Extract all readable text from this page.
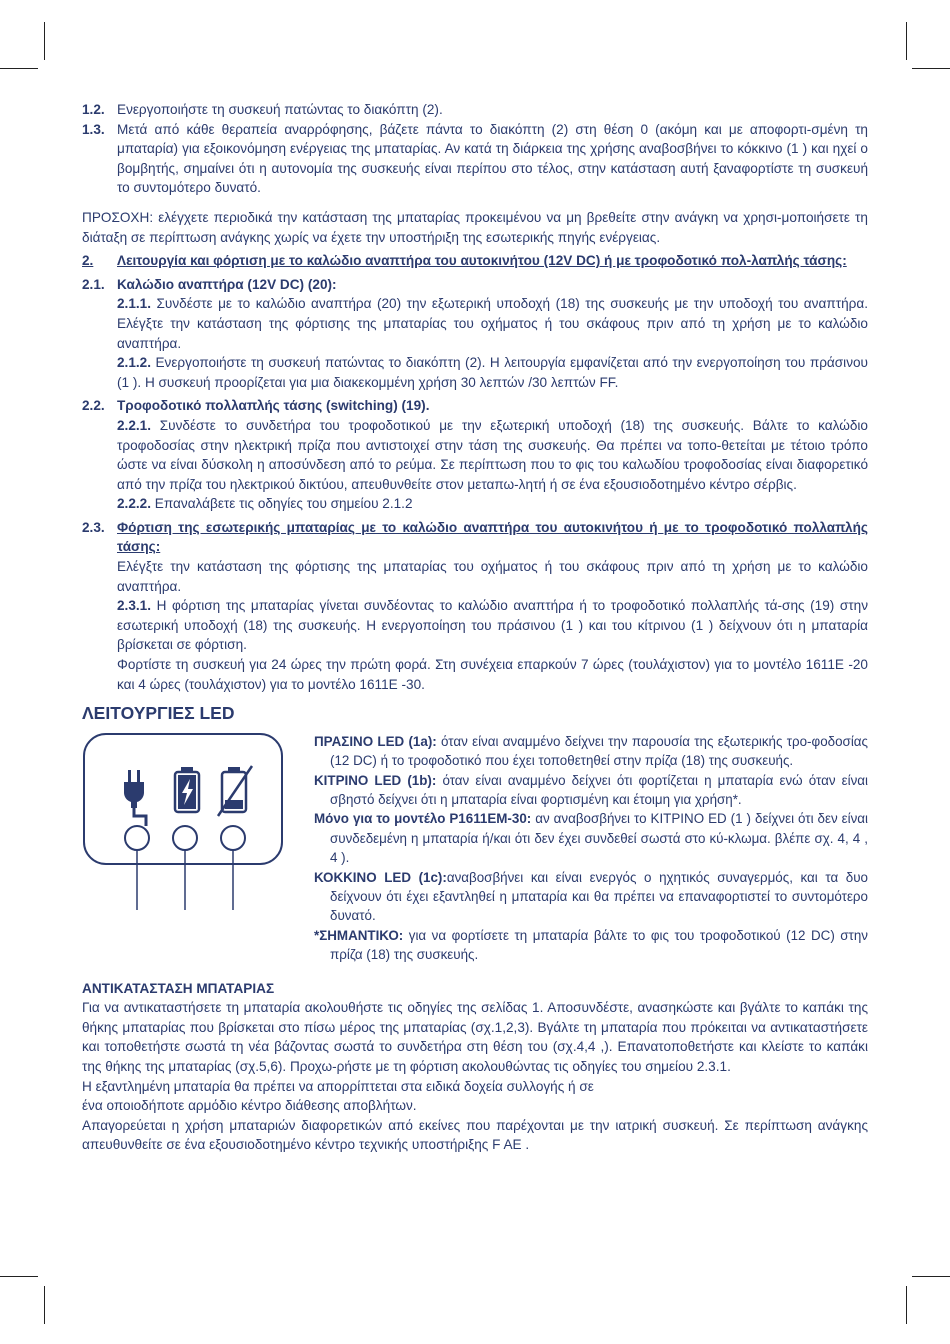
1.2. Ενεργοποιήστε τη συσκευή πατώντας το διακόπτη (2).
1.3. Μετά από κάθε θεραπεία αναρρόφησης, βάζετε πάντα το διακόπτη (2) στη θέση 0 (ακόμη και με αποφορτι-σμένη τη μπαταρία) για εξοικονόμηση ενέργειας της μπαταρίας. Αν κατά τη διάρκεια της χρήσης αναβοσβήνει το κόκκινο (1 ) και ηχεί ο βομβητής, σημαίνει ότι η αυτονομία της συσκευής είναι περίπου στο τέλος, στην κατάσταση αυτή ξαναφορτίστε τη συσκευή το συντομότερο δυνατό.
ΠΡΟΣΟΧΗ: ελέγχετε περιοδικά την κατάσταση της μπαταρίας προκειμένου να μη βρεθείτε στην ανάγκη να χρησι-μοποιήσετε τη διάταξη σε περίπτωση ανάγκης χωρίς να έχετε την υποστήριξη της εσωτερικής πηγής ενέργειας.
2.	Λειτουργία και φόρτιση με το καλώδιο αναπτήρα του αυτοκινήτου (12V DC) ή με τροφοδοτικό πολ-λαπλής τάσης:
2.1. Καλώδιο αναπτήρα (12V DC) (20):
2.1.1. Συνδέστε με το καλώδιο αναπτήρα (20) την εξωτερική υποδοχή (18) της συσκευής με την υποδοχή του αναπτήρα. Ελέγξτε την κατάσταση της φόρτισης της μπαταρίας του οχήματος ή του σκάφους πριν από τη χρήση με το καλώδιο αναπτήρα.
2.1.2. Ενεργοποιήστε τη συσκευή πατώντας το διακόπτη (2). Η λειτουργία εμφανίζεται από την ενεργοποίηση του πράσινου (1 ). Η συσκευή προορίζεται για μια διακεκομμένη χρήση 30 λεπτών /30 λεπτών FF.
2.2. Τροφοδοτικό πολλαπλής τάσης (switching) (19).
2.2.1. Συνδέστε το συνδετήρα του τροφοδοτικού με την εξωτερική υποδοχή (18) της συσκευής. Βάλτε το καλώδιο τροφοδοσίας στην ηλεκτρική πρίζα που αντιστοιχεί στην τάση της συσκευής. Θα πρέπει να τοπο-θετείται με τέτοιο τρόπο ώστε να είναι δύσκολη η αποσύνδεση από το ρεύμα. Σε περίπτωση που το φις του καλωδίου τροφοδοσίας είναι διαφορετικό από την πρίζα του ηλεκτρικού δικτύου, απευθυνθείτε στον μεταπω-λητή ή σε ένα εξουσιοδοτημένο κέντρο σέρβις.
2.2.2. Επαναλάβετε τις οδηγίες του σημείου 2.1.2
2.3. Φόρτιση της εσωτερικής μπαταρίας με το καλώδιο αναπτήρα του αυτοκινήτου ή με το τροφοδοτικό πολλαπλής τάσης:
Ελέγξτε την κατάσταση της φόρτισης της μπαταρίας του οχήματος ή του σκάφους πριν από τη χρήση με το καλώδιο αναπτήρα.
2.3.1. Η φόρτιση της μπαταρίας γίνεται συνδέοντας το καλώδιο αναπτήρα ή το τροφοδοτικό πολλαπλής τά-σης (19) στην εσωτερική υποδοχή (18) της συσκευής. Η ενεργοποίηση του πράσινου (1 ) και του κίτρινου (1 ) δείχνουν ότι η μπαταρία βρίσκεται σε φόρτιση.
Φορτίστε τη συσκευή για 24 ώρες την πρώτη φορά. Στη συνέχεια επαρκούν 7 ώρες (τουλάχιστον) για το μοντέλο 1611E -20 και 4 ώρες (τουλάχιστον) για το μοντέλο 1611E -30.
ΛΕΙΤΟΥΡΓΙΕΣ LED
ΠΡΑΣΙΝΟ LED (1a): όταν είναι αναμμένο δείχνει την παρουσία της εξωτερικής τρο-φοδοσίας (12 DC) ή το τροφοδοτικό που έχει τοποθετηθεί στην πρίζα (18) της συσκευής.
ΚΙΤΡΙΝΟ LED (1b): όταν είναι αναμμένο δείχνει ότι φορτίζεται η μπαταρία ενώ όταν είναι σβηστό δείχνει ότι η μπαταρία είναι φορτισμένη και έτοιμη για χρήση*.
Μόνο για το μοντέλο P1611EM-30: αν αναβοσβήνει το ΚΙΤΡΙΝΟ ED (1 ) δείχνει ότι δεν είναι συνδεδεμένη η μπαταρία ή/και ότι δεν έχει συνδεθεί σωστά στο κύ-κλωμα. βλέπε σχ. 4, 4 , 4 ).
ΚΟΚΚΙΝΟ LED (1c):αναβοσβήνει και είναι ενεργός ο ηχητικός συναγερμός, και τα δυο δείχνουν ότι έχει εξαντληθεί η μπαταρία και θα πρέπει να επαναφορτιστεί το συντομότερο δυνατό.
*ΣΗΜΑΝΤΙΚΟ: για να φορτίσετε τη μπαταρία βάλτε το φις του τροφοδοτικού (12 DC) στην πρίζα (18) της συσκευής.
ΑΝΤΙΚΑΤΑΣΤΑΣΗ ΜΠΑΤΑΡΙΑΣ
Για να αντικαταστήσετε τη μπαταρία ακολουθήστε τις οδηγίες της σελίδας 1. Αποσυνδέστε, ανασηκώστε και βγάλτε το καπάκι της θήκης μπαταρίας που βρίσκεται στο πίσω μέρος της μπαταρίας (σχ.1,2,3). Βγάλτε τη μπαταρία που πρόκειται να αντικαταστήσετε και τοποθετήστε σωστά τη νέα βάζοντας σωστά το συνδετήρα στη θέση του (σχ.4,4 ,). Επανατοποθετήστε και κλείστε το καπάκι της θήκης της μπαταρίας (σχ.5,6). Προχω-ρήστε με τη φόρτιση ακολουθώντας τις οδηγίες του σημείου 2.3.1.
Η εξαντλημένη μπαταρία θα πρέπει να απορρίπτεται στα ειδικά δοχεία συλλογής ή σε
ένα οποιοδήποτε αρμόδιο κέντρο διάθεσης αποβλήτων.
Απαγορεύεται η χρήση μπαταριών διαφορετικών από εκείνες που παρέχονται με την ιατρική συσκευή. Σε περίπτωση ανάγκης απευθυνθείτε σε ένα εξουσιοδοτημένο κέντρο τεχνικής υποστήριξης F AE .
